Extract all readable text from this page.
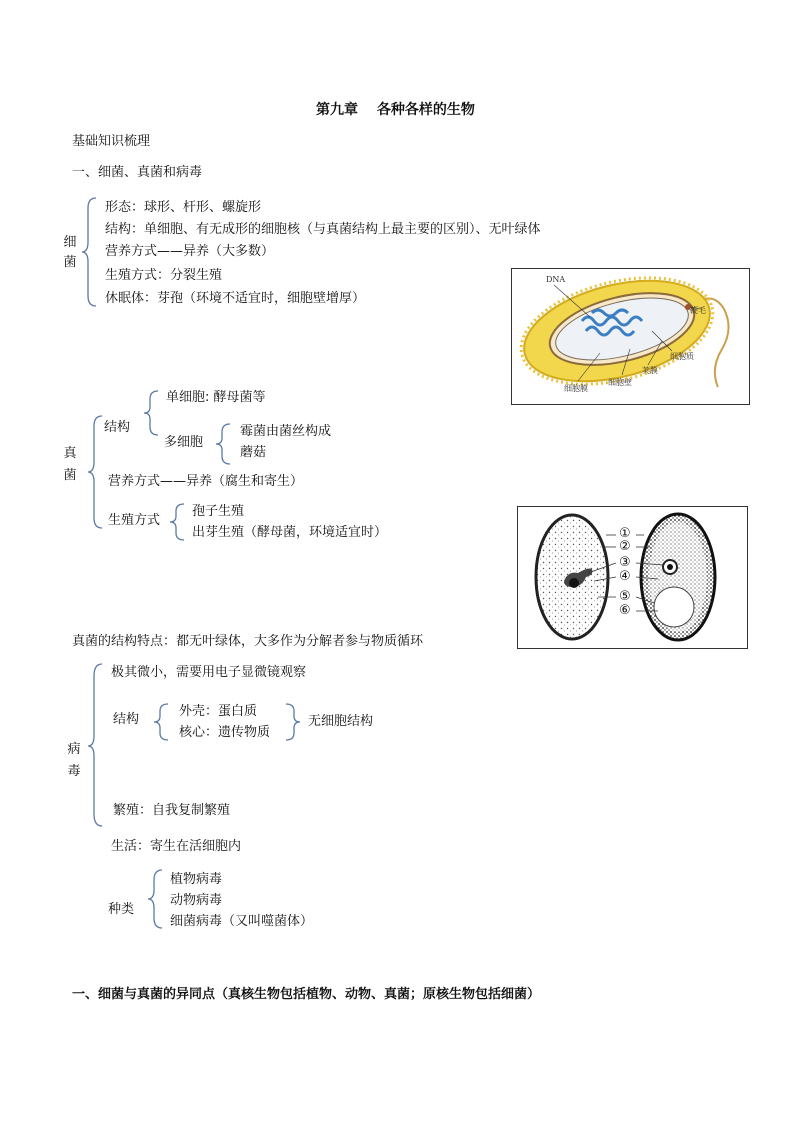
第九章　 各种各样的生物
基础知识梳理
一、细菌、真菌和病毒
细
菌
形态：球形、杆形、螺旋形
结构：单细胞、有无成形的细胞核（与真菌结构上最主要的区别）、无叶绿体
营养方式——异养（大多数）
生殖方式：分裂生殖
休眠体：芽孢（环境不适宜时，细胞壁增厚）
DNA
鞭毛
细胞质
荚膜
细胞壁
细胞膜
真
菌
结构
单细胞: 酵母菌等
多细胞
霉菌由菌丝构成
蘑菇
营养方式——异养（腐生和寄生）
生殖方式
孢子生殖
出芽生殖（酵母菌，环境适宜时）	①
②
③
④
⑤
⑥
真菌的结构特点：都无叶绿体，大多作为分解者参与物质循环
病
毒
极其微小，需要用电子显微镜观察
结构
外壳：蛋白质
核心：遗传物质
无细胞结构
繁殖：自我复制繁殖
生活：寄生在活细胞内
种类
植物病毒
动物病毒
细菌病毒（又叫噬菌体）
一、细菌与真菌的异同点（真核生物包括植物、动物、真菌；原核生物包括细菌）
